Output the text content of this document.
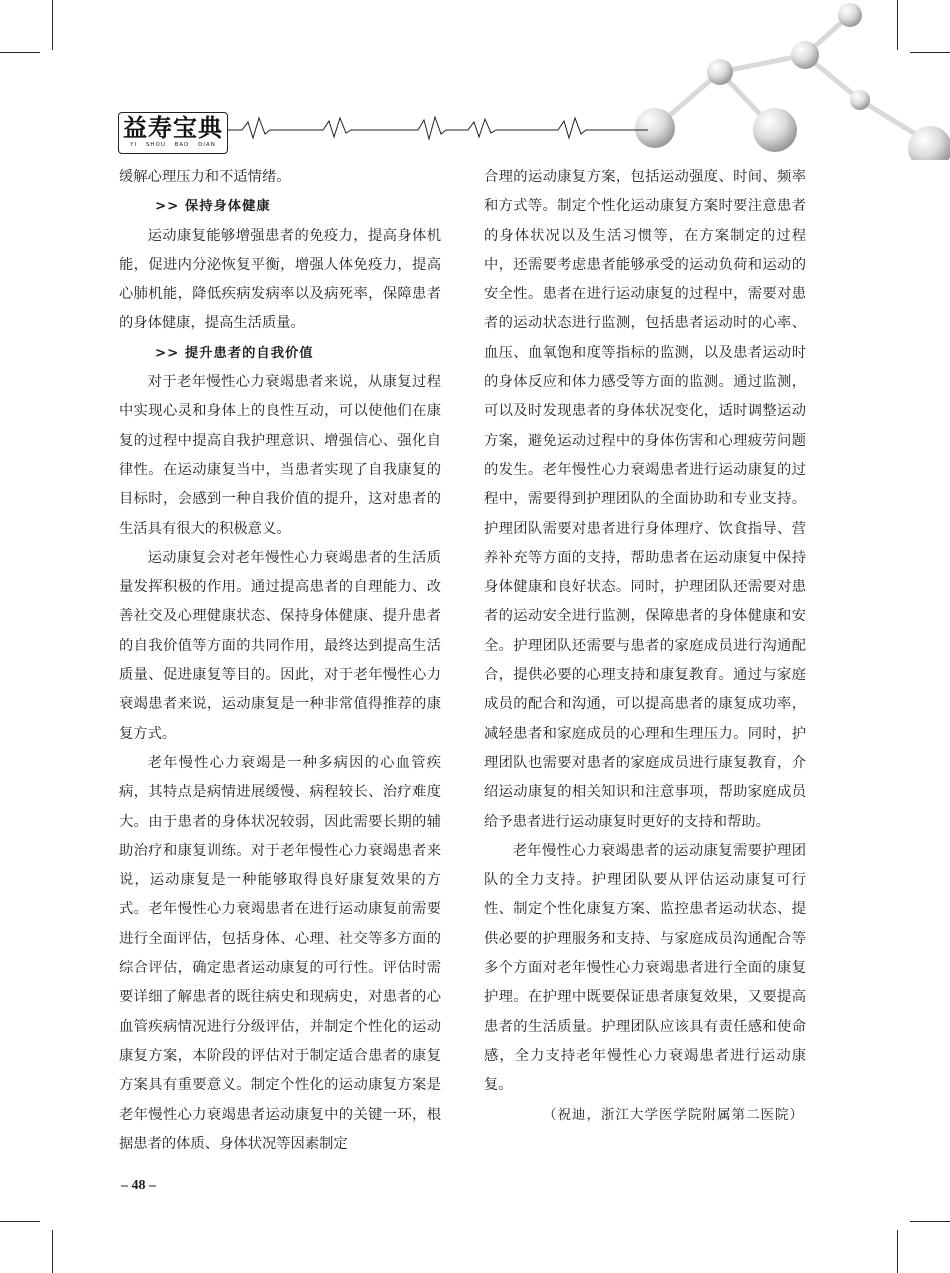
益寿宝典
YI SHOU BAO DIAN

缓解心理压力和不适情绪。

>> 保持身体健康

运动康复能够增强患者的免疫力，提高身体机能，促进内分泌恢复平衡，增强人体免疫力，提高心肺机能，降低疾病发病率以及病死率，保障患者的身体健康，提高生活质量。

>> 提升患者的自我价值

对于老年慢性心力衰竭患者来说，从康复过程中实现心灵和身体上的良性互动，可以使他们在康复的过程中提高自我护理意识、增强信心、强化自律性。在运动康复当中，当患者实现了自我康复的目标时，会感到一种自我价值的提升，这对患者的生活具有很大的积极意义。

运动康复会对老年慢性心力衰竭患者的生活质量发挥积极的作用。通过提高患者的自理能力、改善社交及心理健康状态、保持身体健康、提升患者的自我价值等方面的共同作用，最终达到提高生活质量、促进康复等目的。因此，对于老年慢性心力衰竭患者来说，运动康复是一种非常值得推荐的康复方式。

老年慢性心力衰竭是一种多病因的心血管疾病，其特点是病情进展缓慢、病程较长、治疗难度大。由于患者的身体状况较弱，因此需要长期的辅助治疗和康复训练。对于老年慢性心力衰竭患者来说，运动康复是一种能够取得良好康复效果的方式。老年慢性心力衰竭患者在进行运动康复前需要进行全面评估，包括身体、心理、社交等多方面的综合评估，确定患者运动康复的可行性。评估时需要详细了解患者的既往病史和现病史，对患者的心血管疾病情况进行分级评估，并制定个性化的运动康复方案，本阶段的评估对于制定适合患者的康复方案具有重要意义。制定个性化的运动康复方案是老年慢性心力衰竭患者运动康复中的关键一环，根据患者的体质、身体状况等因素制定

合理的运动康复方案，包括运动强度、时间、频率和方式等。制定个性化运动康复方案时要注意患者的身体状况以及生活习惯等，在方案制定的过程中，还需要考虑患者能够承受的运动负荷和运动的安全性。患者在进行运动康复的过程中，需要对患者的运动状态进行监测，包括患者运动时的心率、血压、血氧饱和度等指标的监测，以及患者运动时的身体反应和体力感受等方面的监测。通过监测，可以及时发现患者的身体状况变化，适时调整运动方案，避免运动过程中的身体伤害和心理疲劳问题的发生。老年慢性心力衰竭患者进行运动康复的过程中，需要得到护理团队的全面协助和专业支持。护理团队需要对患者进行身体理疗、饮食指导、营养补充等方面的支持，帮助患者在运动康复中保持身体健康和良好状态。同时，护理团队还需要对患者的运动安全进行监测，保障患者的身体健康和安全。护理团队还需要与患者的家庭成员进行沟通配合，提供必要的心理支持和康复教育。通过与家庭成员的配合和沟通，可以提高患者的康复成功率，减轻患者和家庭成员的心理和生理压力。同时，护理团队也需要对患者的家庭成员进行康复教育，介绍运动康复的相关知识和注意事项，帮助家庭成员给予患者进行运动康复时更好的支持和帮助。

老年慢性心力衰竭患者的运动康复需要护理团队的全力支持。护理团队要从评估运动康复可行性、制定个性化康复方案、监控患者运动状态、提供必要的护理服务和支持、与家庭成员沟通配合等多个方面对老年慢性心力衰竭患者进行全面的康复护理。在护理中既要保证患者康复效果，又要提高患者的生活质量。护理团队应该具有责任感和使命感，全力支持老年慢性心力衰竭患者进行运动康复。

（祝迪，浙江大学医学院附属第二医院）

– 48 –
